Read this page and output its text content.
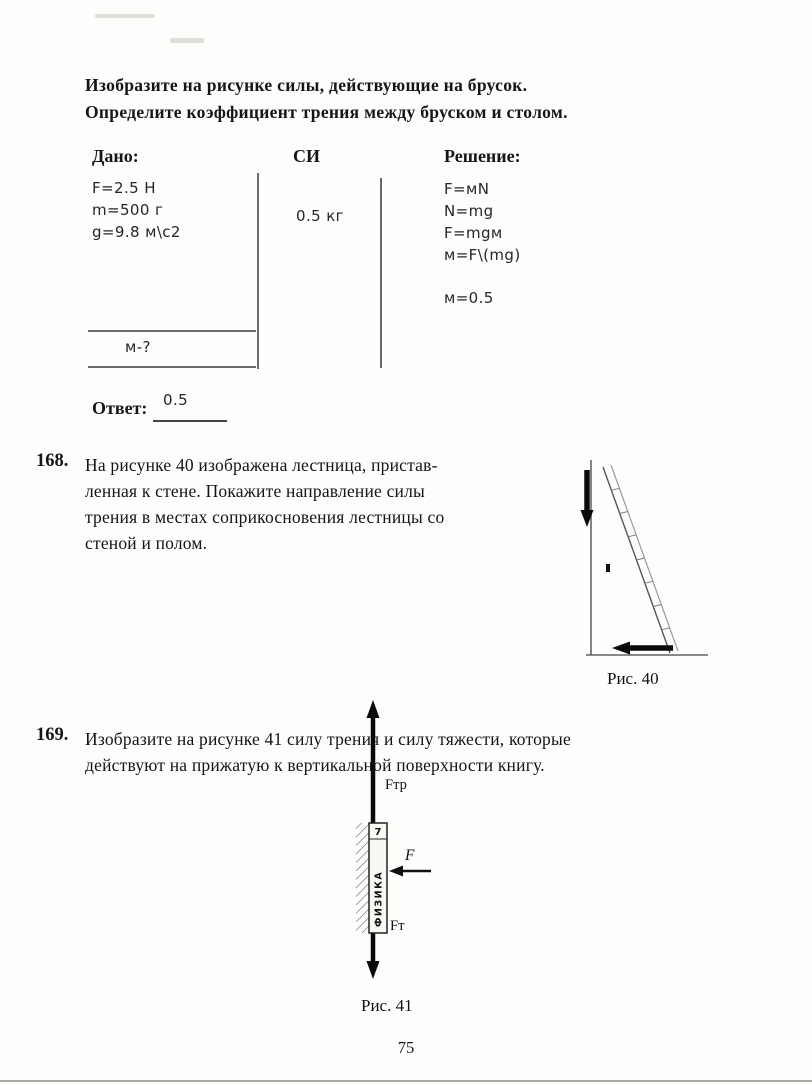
Изобразите на рисунке силы, действующие на брусок.
Определите коэффициент трения между бруском и столом.
Дано:	СИ	Решение:
F=2.5 Н
m=500 г
g=9.8 м\с2
0.5 кг
F=мN
N=mg
F=mgм
м=F\(mg)
м=0.5
м-?
Ответ: 0.5
168. На рисунке 40 изображена лестница, пристав-
ленная к стене. Покажите направление силы
трения в местах соприкосновения лестницы со
стеной и полом.
Рис. 40
169. Изобразите на рисунке 41 силу трения и силу тяжести, которые
действуют на прижатую к вертикальной поверхности книгу.
7
ФИЗИКА
Fтр
Fт
F⃗
Рис. 41
75
